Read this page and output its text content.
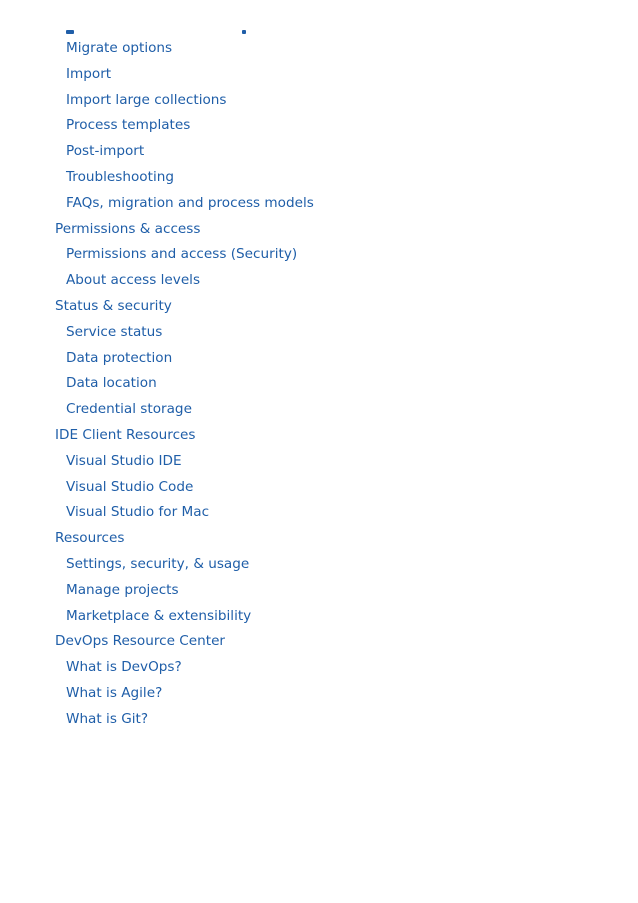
Migrate options
Import
Import large collections
Process templates
Post-import
Troubleshooting
FAQs, migration and process models
Permissions & access
Permissions and access (Security)
About access levels
Status & security
Service status
Data protection
Data location
Credential storage
IDE Client Resources
Visual Studio IDE
Visual Studio Code
Visual Studio for Mac
Resources
Settings, security, & usage
Manage projects
Marketplace & extensibility
DevOps Resource Center
What is DevOps?
What is Agile?
What is Git?
